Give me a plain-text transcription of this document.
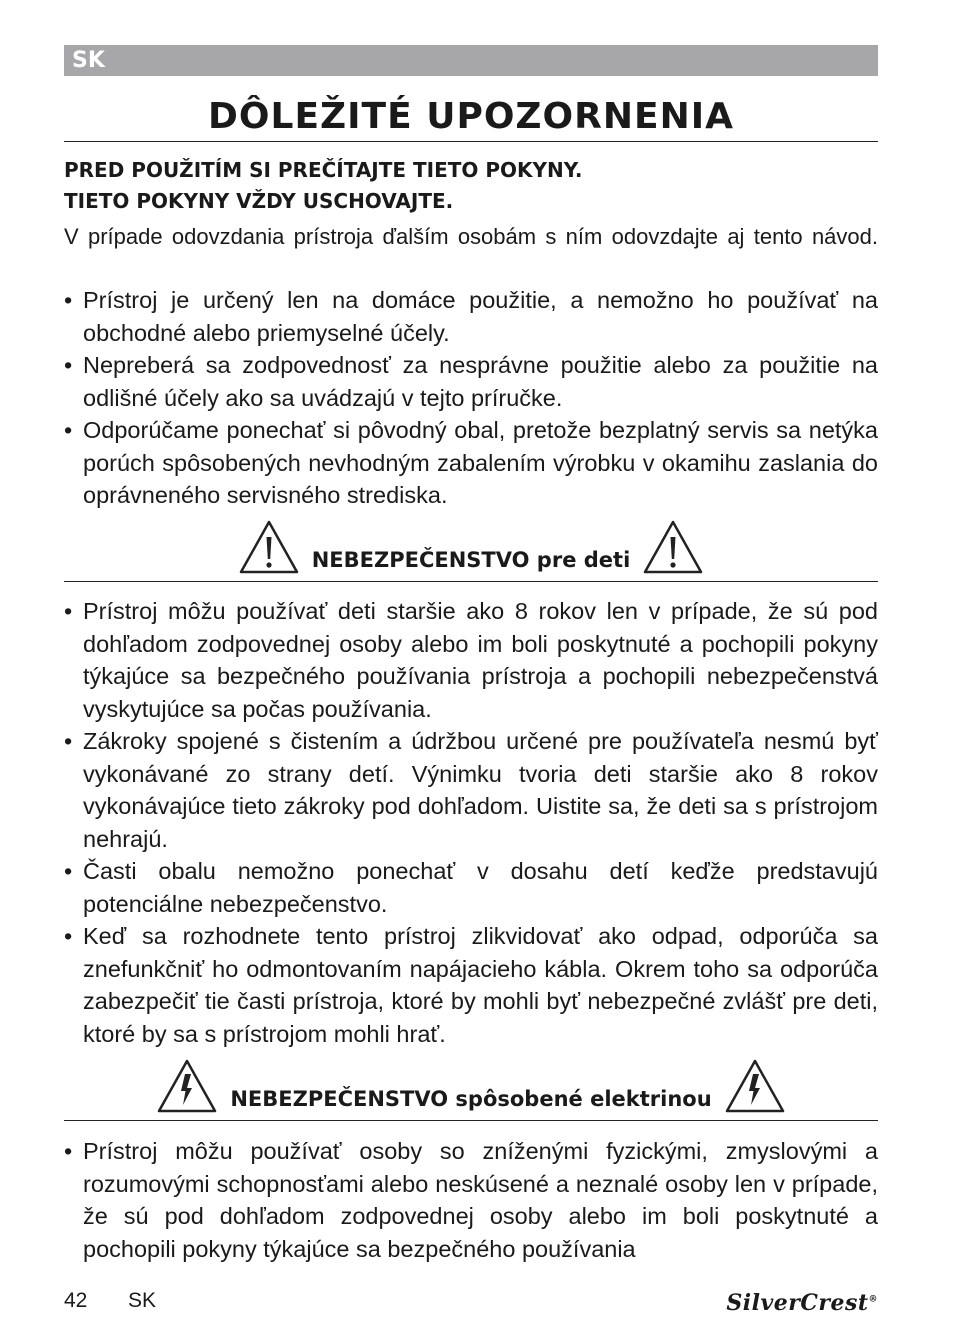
SK
DÔLEŽITÉ UPOZORNENIA

PRED POUŽITÍM SI PREČÍTAJTE TIETO POKYNY.

TIETO POKYNY VŽDY USCHOVAJTE.

V prípade odovzdania prístroja ďalším osobám s ním odovzdajte aj tento návod.

• Prístroj je určený len na domáce použitie, a nemožno ho používať na obchodné alebo priemyselné účely.
• Nepreberá sa zodpovednosť za nesprávne použitie alebo za použitie na odlišné účely ako sa uvádzajú v tejto príručke.
• Odporúčame ponechať si pôvodný obal, pretože bezplatný servis sa netýka porúch spôsobených nevhodným zabalením výrobku v okamihu zaslania do oprávneného servisného strediska.
NEBEZPEČENSTVO pre deti
• Prístroj môžu používať deti staršie ako 8 rokov len v prípade, že sú pod dohľadom zodpovednej osoby alebo im boli poskytnuté a pochopili pokyny týkajúce sa bezpečného používania prístroja a pochopili nebezpečenstvá vyskytujúce sa počas používania.
• Zákroky spojené s čistením a údržbou určené pre používateľa nesmú byť vykonávané zo strany detí. Výnimku tvoria deti staršie ako 8 rokov vykonávajúce tieto zákroky pod dohľadom. Uistite sa, že deti sa s prístrojom nehrajú.
• Časti obalu nemožno ponechať v dosahu detí keďže predstavujú potenciálne nebezpečenstvo.
• Keď sa rozhodnete tento prístroj zlikvidovať ako odpad, odporúča sa znefunkčniť ho odmontovaním napájacieho kábla. Okrem toho sa odporúča zabezpečiť tie časti prístroja, ktoré by mohli byť nebezpečné zvlášť pre deti, ktoré by sa s prístrojom mohli hrať.
NEBEZPEČENSTVO spôsobené elektrinou
• Prístroj môžu používať osoby so zníženými fyzickými, zmyslovými a rozumovými schopnosťami alebo neskúsené a neznalé osoby len v prípade, že sú pod dohľadom zodpovednej osoby alebo im boli poskytnuté a pochopili pokyny týkajúce sa bezpečného používania
42 SK	SilverCrest®
